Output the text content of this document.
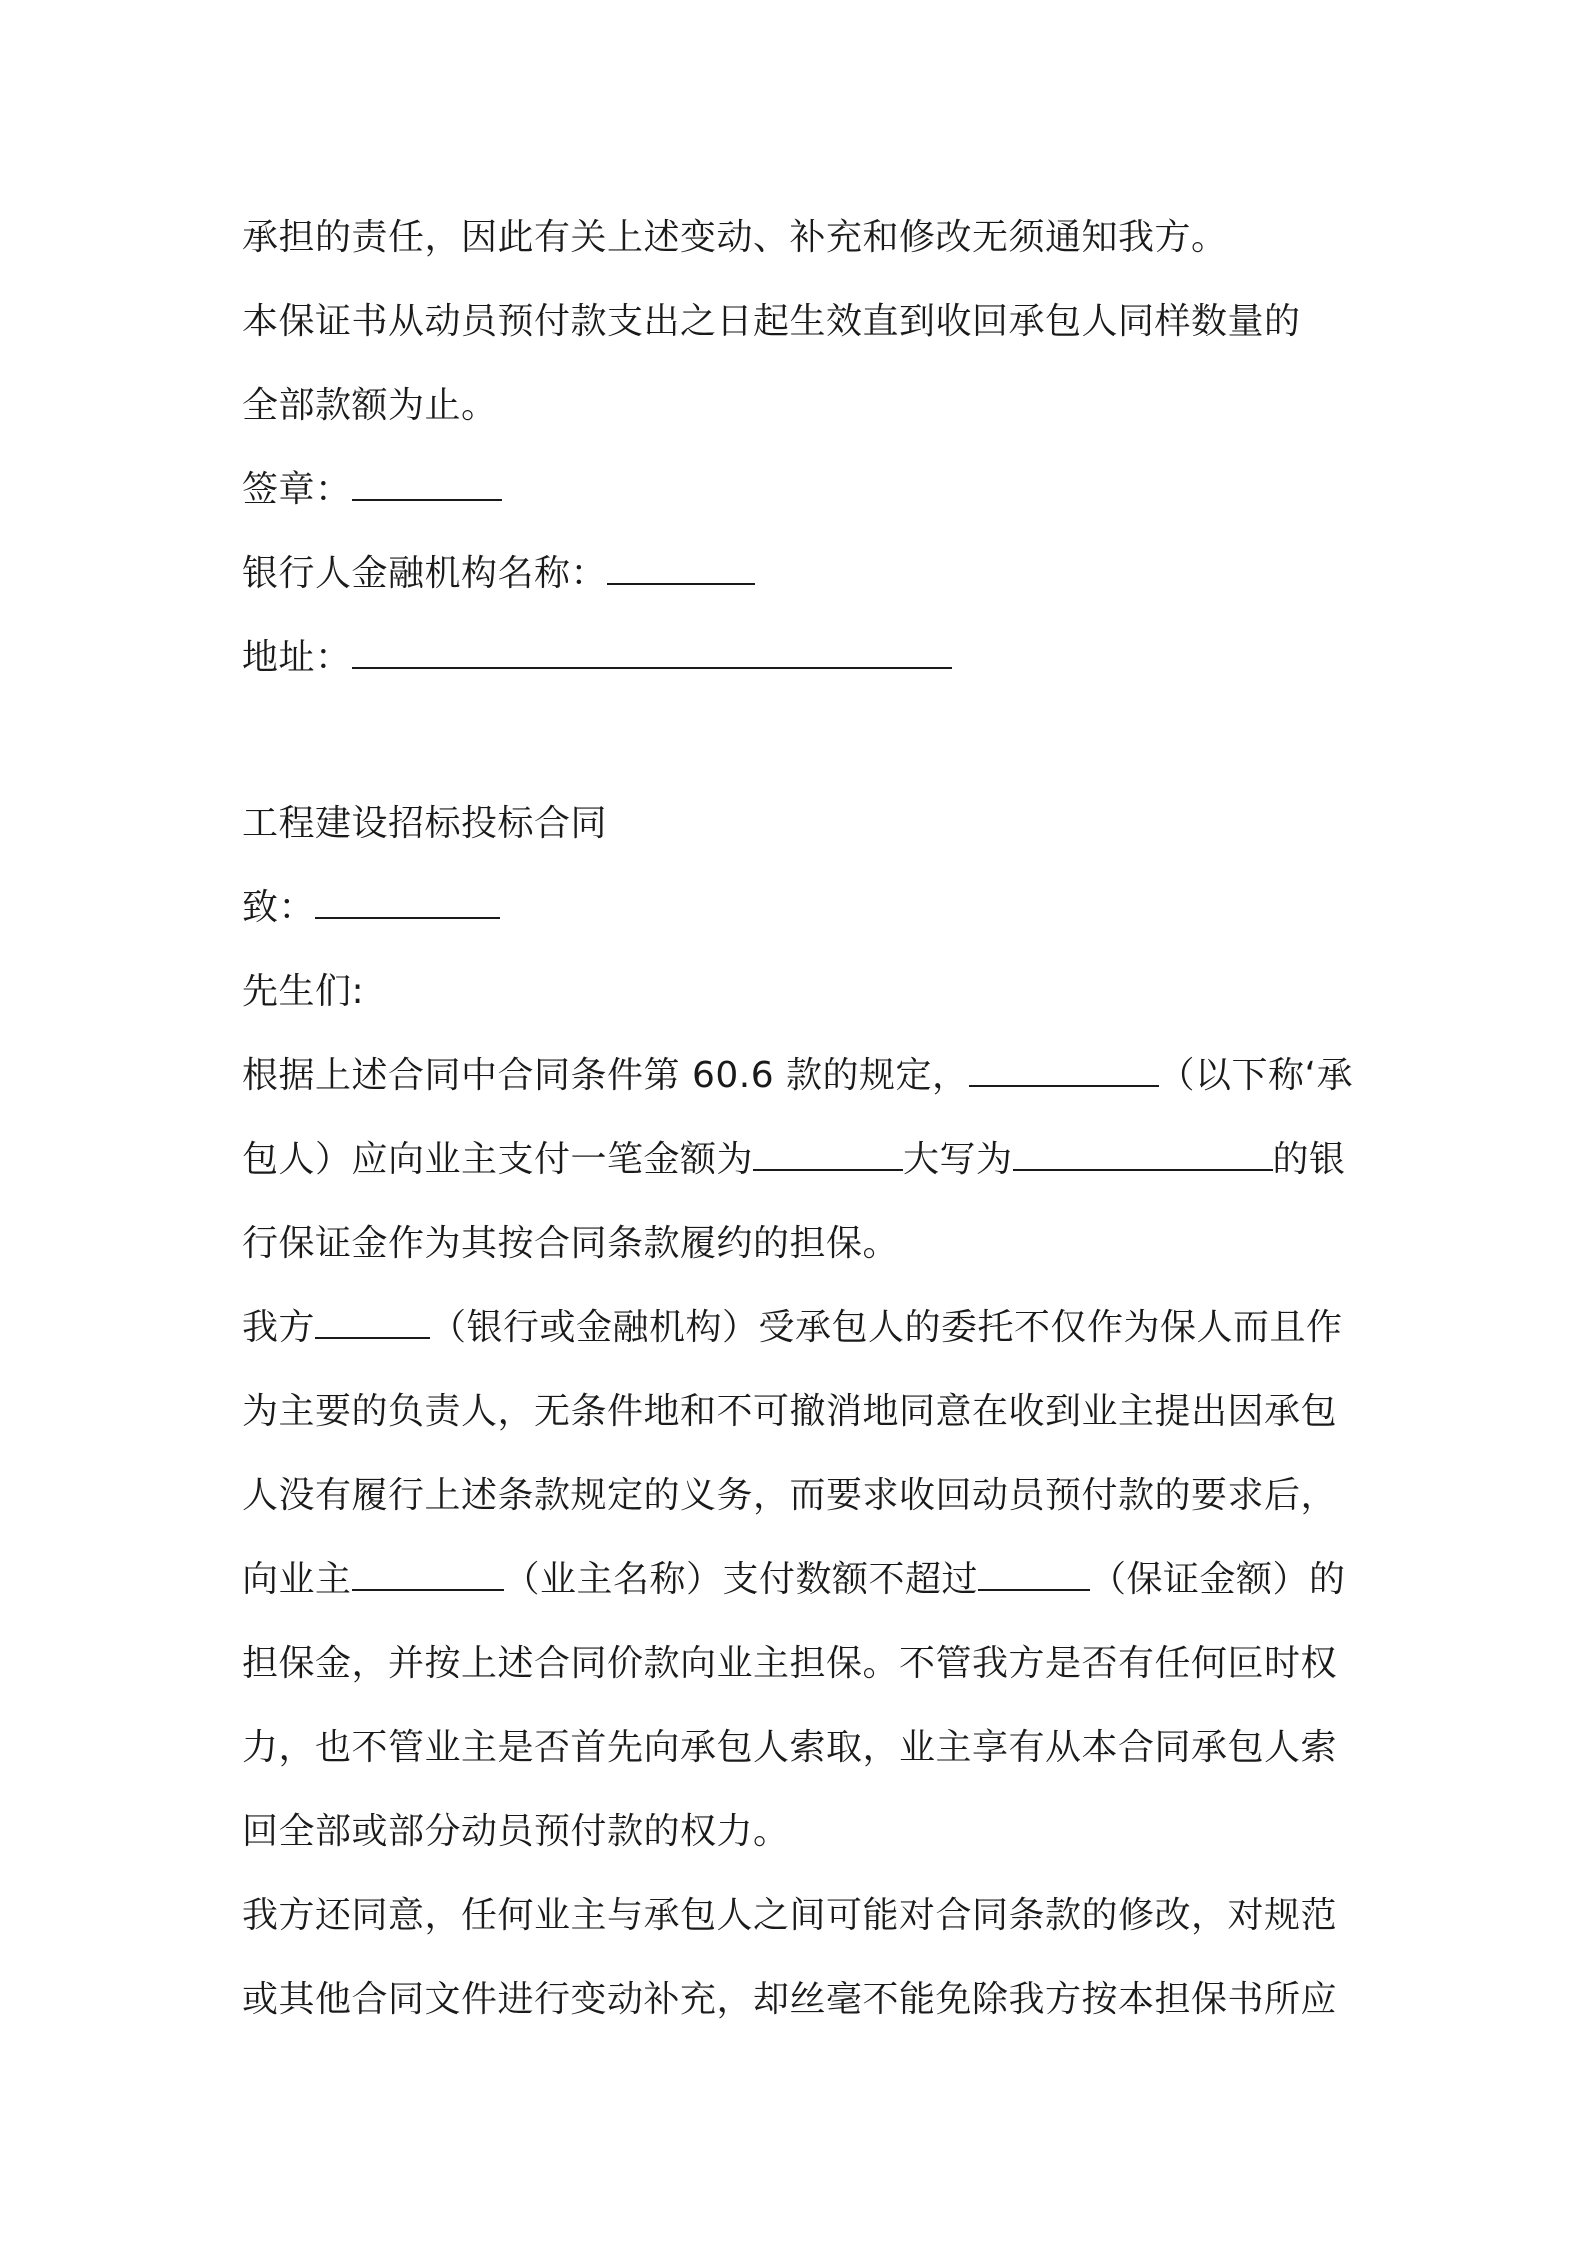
承担的责任，因此有关上述变动、补充和修改无须通知我方。
本保证书从动员预付款支出之日起生效直到收回承包人同样数量的
全部款额为止。
签章：
银行人金融机构名称：
地址：
工程建设招标投标合同
致：
先生们:
根据上述合同中合同条件第 60.6 款的规定，	（以下称‘承
包人）应向业主支付一笔金额为	大写为	的银
行保证金作为其按合同条款履约的担保。
我方	（银行或金融机构）受承包人的委托不仅作为保人而且作
为主要的负责人，无条件地和不可撤消地同意在收到业主提出因承包
人没有履行上述条款规定的义务，而要求收回动员预付款的要求后，
向业主	（业主名称）支付数额不超过	（保证金额）的
担保金，并按上述合同价款向业主担保。不管我方是否有任何叵时权
力，也不管业主是否首先向承包人索取，业主享有从本合同承包人索
回全部或部分动员预付款的权力。
我方还同意，任何业主与承包人之间可能对合同条款的修改，对规范
或其他合同文件进行变动补充，却丝毫不能免除我方按本担保书所应
